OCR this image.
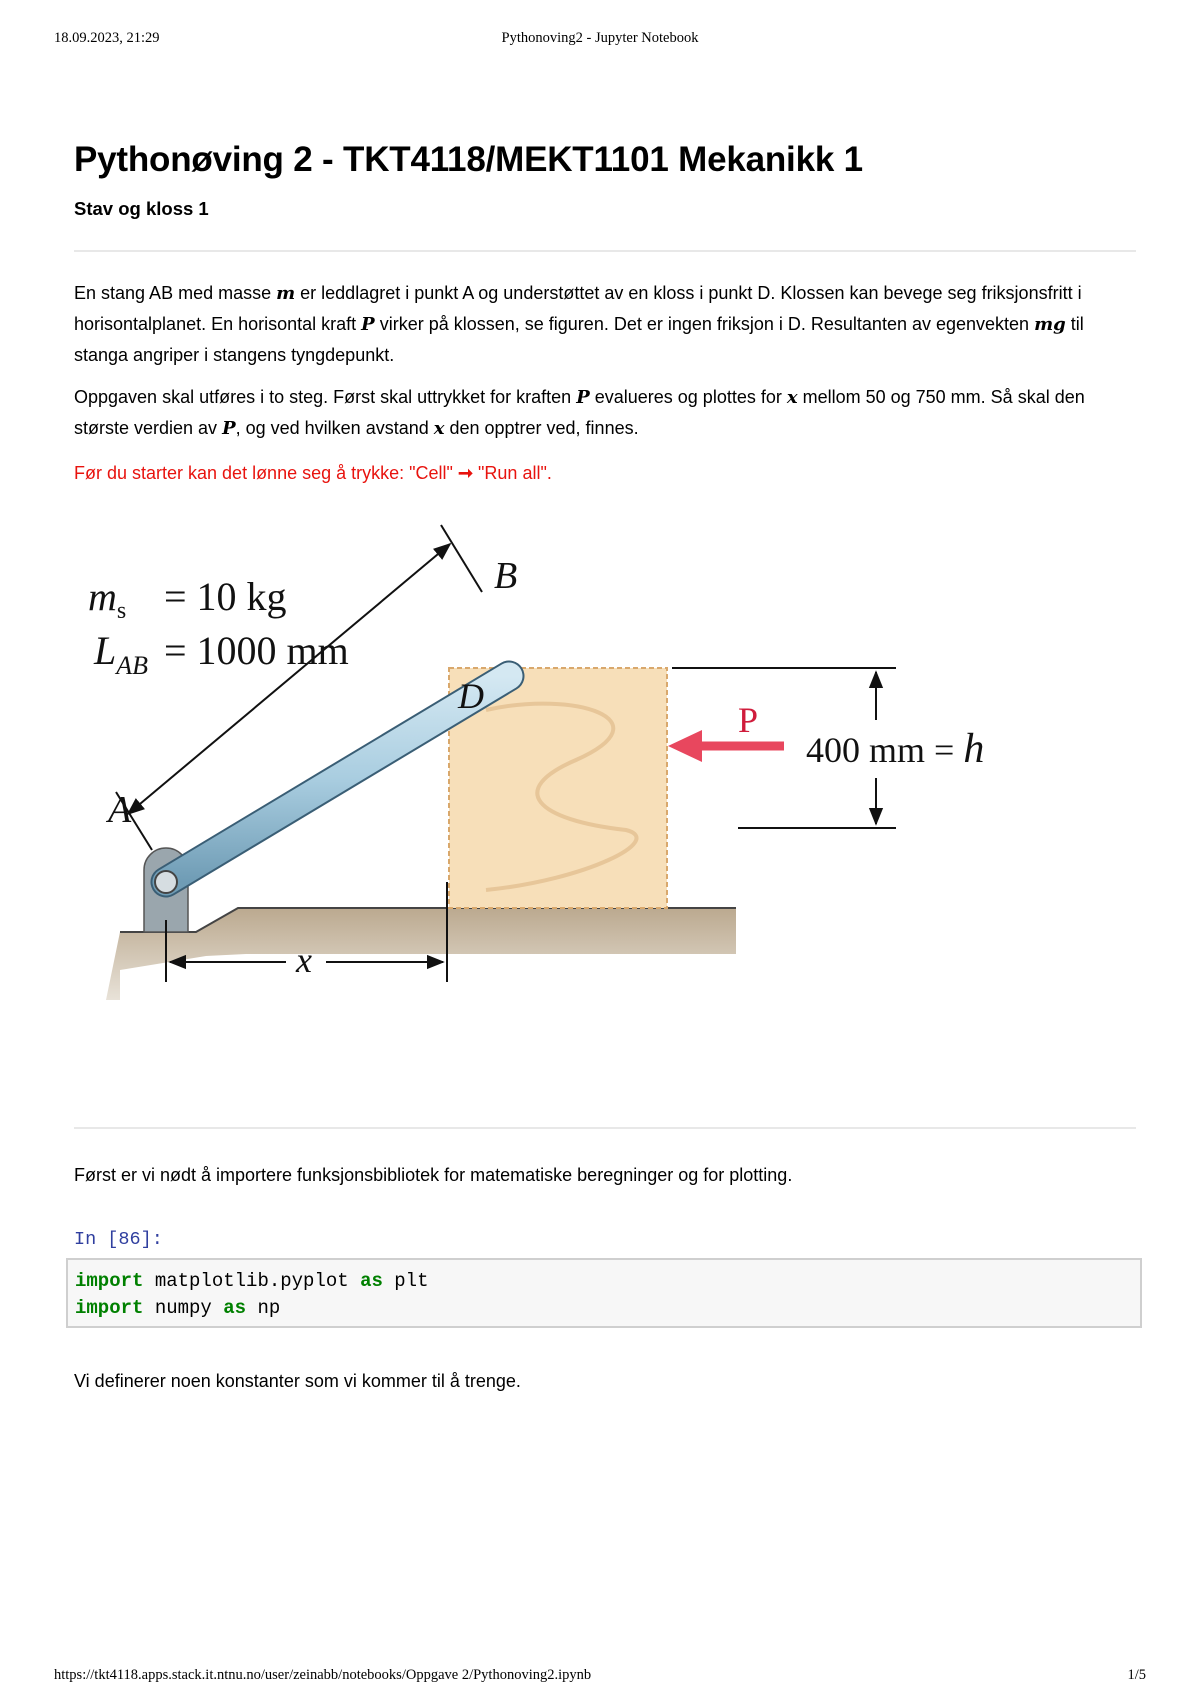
18.09.2023, 21:29	Pythonoving2 - Jupyter Notebook
Pythonøving 2 - TKT4118/MEKT1101 Mekanikk 1
Stav og kloss 1

En stang AB med masse m er leddlagret i punkt A og understøttet av en kloss i punkt D. Klossen kan bevege seg friksjonsfritt i horisontalplanet. En horisontal kraft P virker på klossen, se figuren. Det er ingen friksjon i D. Resultanten av egenvekten mg til stanga angriper i stangens tyngdepunkt.

Oppgaven skal utføres i to steg. Først skal uttrykket for kraften P evalueres og plottes for x mellom 50 og 750 mm. Så skal den største verdien av P, og ved hvilken avstand x den opptrer ved, finnes.

Før du starter kan det lønne seg å trykke: "Cell" ➞ "Run all".

$m_s = 10$ kg
$L_{AB} = 1000$ mm
A
B
D
P
400 mm = h
x

Først er vi nødt å importere funksjonsbibliotek for matematiske beregninger og for plotting.

In [86]:
import matplotlib.pyplot as plt
import numpy as np

Vi definerer noen konstanter som vi kommer til å trenge.

https://tkt4118.apps.stack.it.ntnu.no/user/zeinabb/notebooks/Oppgave 2/Pythonoving2.ipynb	1/5
